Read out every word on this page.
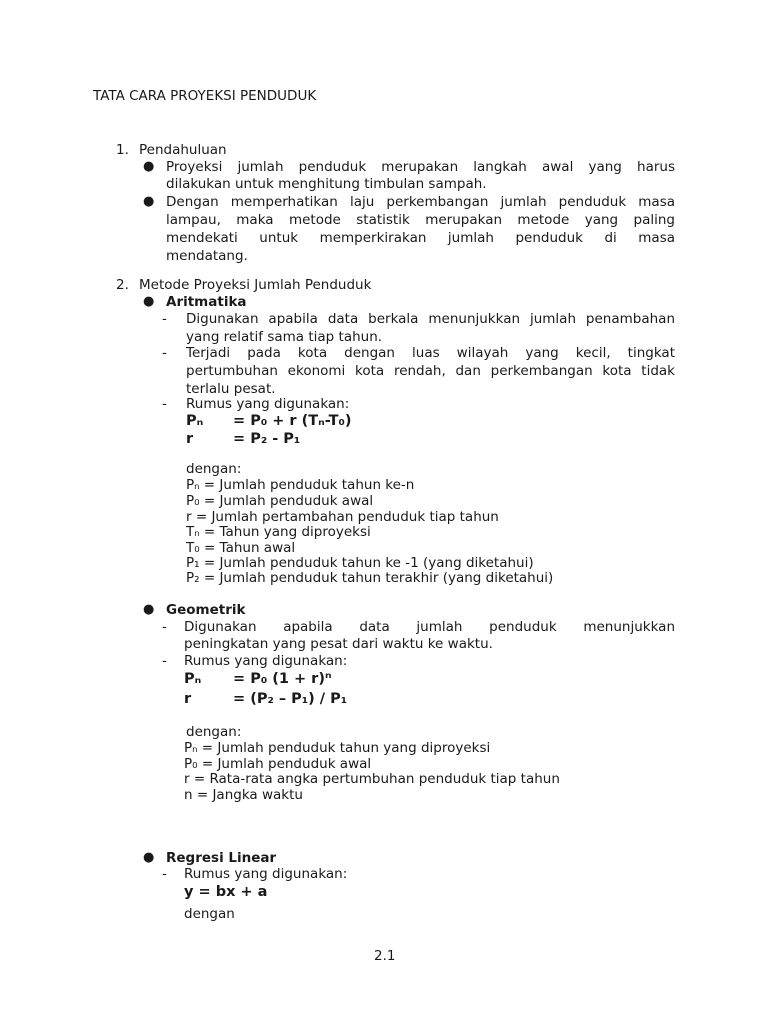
TATA CARA PROYEKSI PENDUDUK
1. Pendahuluan
● Proyeksi jumlah penduduk merupakan langkah awal yang harus
dilakukan untuk menghitung timbulan sampah.
● Dengan memperhatikan laju perkembangan jumlah penduduk masa
lampau, maka metode statistik merupakan metode yang paling
mendekati untuk memperkirakan jumlah penduduk di masa
mendatang.
2. Metode Proyeksi Jumlah Penduduk
● Aritmatika
- Digunakan apabila data berkala menunjukkan jumlah penambahan
yang relatif sama tiap tahun.
- Terjadi pada kota dengan luas wilayah yang kecil, tingkat
pertumbuhan ekonomi kota rendah, dan perkembangan kota tidak
terlalu pesat.
- Rumus yang digunakan:
Pₙ = P₀ + r (Tₙ-T₀)
r	= P₂ - P₁
dengan:
Pₙ = Jumlah penduduk tahun ke-n
P₀ = Jumlah penduduk awal
r = Jumlah pertambahan penduduk tiap tahun
Tₙ = Tahun yang diproyeksi
T₀ = Tahun awal
P₁ = Jumlah penduduk tahun ke -1 (yang diketahui)
P₂ = Jumlah penduduk tahun terakhir (yang diketahui)
● Geometrik
- Digunakan apabila data jumlah penduduk menunjukkan
peningkatan yang pesat dari waktu ke waktu.
- Rumus yang digunakan:
Pₙ = P₀ (1 + r)ⁿ
r	= (P₂ – P₁) / P₁
dengan:
Pₙ = Jumlah penduduk tahun yang diproyeksi
P₀ = Jumlah penduduk awal
r = Rata-rata angka pertumbuhan penduduk tiap tahun
n = Jangka waktu
● Regresi Linear
- Rumus yang digunakan:
y = bx + a
dengan
2.1
